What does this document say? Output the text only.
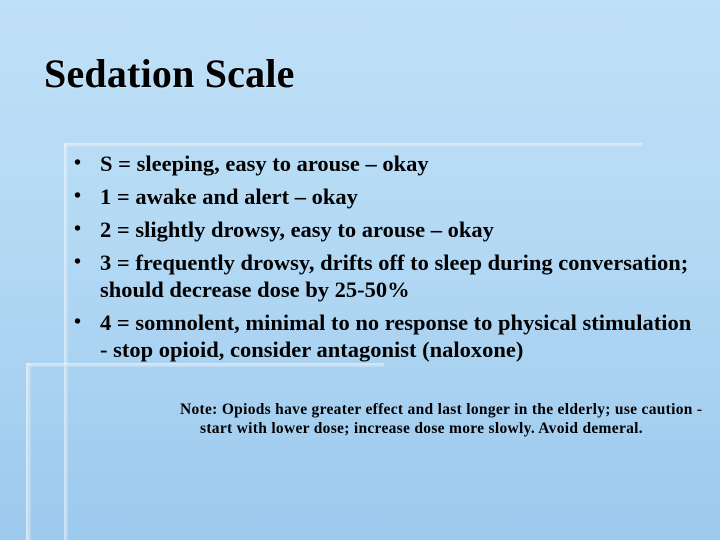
Sedation Scale
• S = sleeping, easy to arouse – okay
• 1 = awake and alert – okay
• 2 = slightly drowsy, easy to arouse – okay
• 3 = frequently drowsy, drifts off to sleep during conversation; should decrease dose by 25-50%
• 4 = somnolent, minimal to no response to physical stimulation - stop opioid, consider antagonist (naloxone)

Note: Opiods have greater effect and last longer in the elderly; use caution - start with lower dose; increase dose more slowly. Avoid demeral.
